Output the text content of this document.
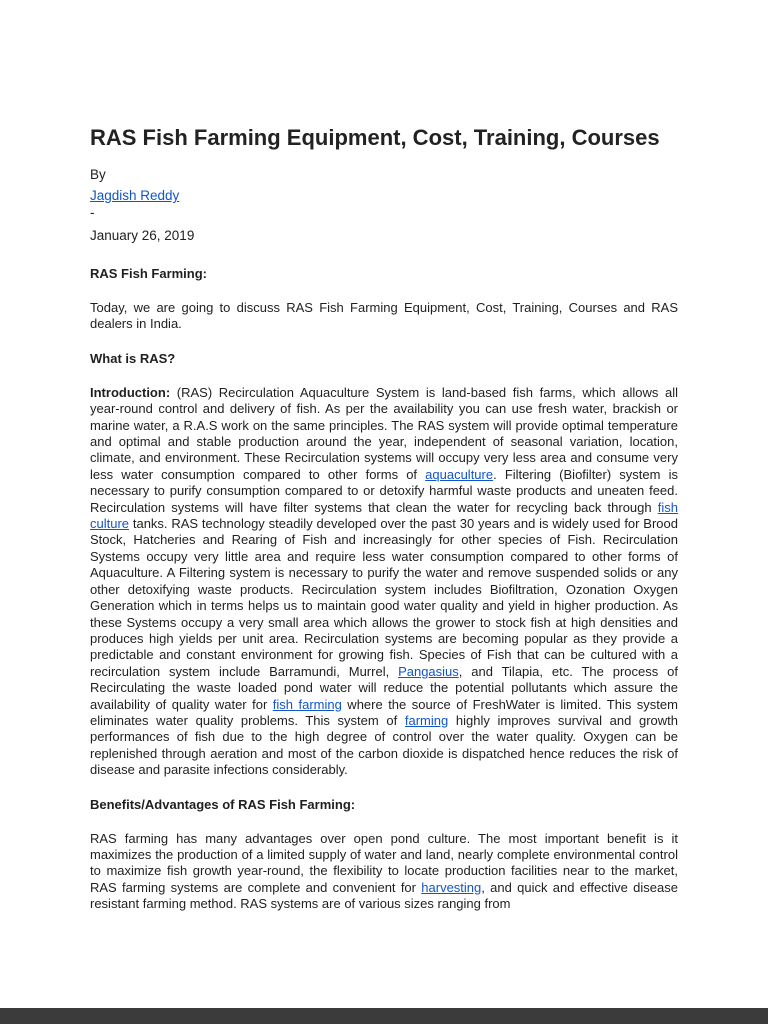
RAS Fish Farming Equipment, Cost, Training, Courses

By

Jagdish Reddy

-

January 26, 2019

RAS Fish Farming:

Today, we are going to discuss RAS Fish Farming Equipment, Cost, Training, Courses and RAS dealers in India.

What is RAS?

Introduction: (RAS) Recirculation Aquaculture System is land-based fish farms, which allows all year-round control and delivery of fish. As per the availability you can use fresh water, brackish or marine water, a R.A.S work on the same principles. The RAS system will provide optimal temperature and optimal and stable production around the year, independent of seasonal variation, location, climate, and environment. These Recirculation systems will occupy very less area and consume very less water consumption compared to other forms of aquaculture. Filtering (Biofilter) system is necessary to purify consumption compared to or detoxify harmful waste products and uneaten feed. Recirculation systems will have filter systems that clean the water for recycling back through fish culture tanks. RAS technology steadily developed over the past 30 years and is widely used for Brood Stock, Hatcheries and Rearing of Fish and increasingly for other species of Fish. Recirculation Systems occupy very little area and require less water consumption compared to other forms of Aquaculture. A Filtering system is necessary to purify the water and remove suspended solids or any other detoxifying waste products. Recirculation system includes Biofiltration, Ozonation Oxygen Generation which in terms helps us to maintain good water quality and yield in higher production. As these Systems occupy a very small area which allows the grower to stock fish at high densities and produces high yields per unit area. Recirculation systems are becoming popular as they provide a predictable and constant environment for growing fish. Species of Fish that can be cultured with a recirculation system include Barramundi, Murrel, Pangasius, and Tilapia, etc. The process of Recirculating the waste loaded pond water will reduce the potential pollutants which assure the availability of quality water for fish farming where the source of FreshWater is limited. This system eliminates water quality problems. This system of farming highly improves survival and growth performances of fish due to the high degree of control over the water quality. Oxygen can be replenished through aeration and most of the carbon dioxide is dispatched hence reduces the risk of disease and parasite infections considerably.

Benefits/Advantages of RAS Fish Farming:

RAS farming has many advantages over open pond culture. The most important benefit is it maximizes the production of a limited supply of water and land, nearly complete environmental control to maximize fish growth year-round, the flexibility to locate production facilities near to the market, RAS farming systems are complete and convenient for harvesting, and quick and effective disease resistant farming method. RAS systems are of various sizes ranging from
